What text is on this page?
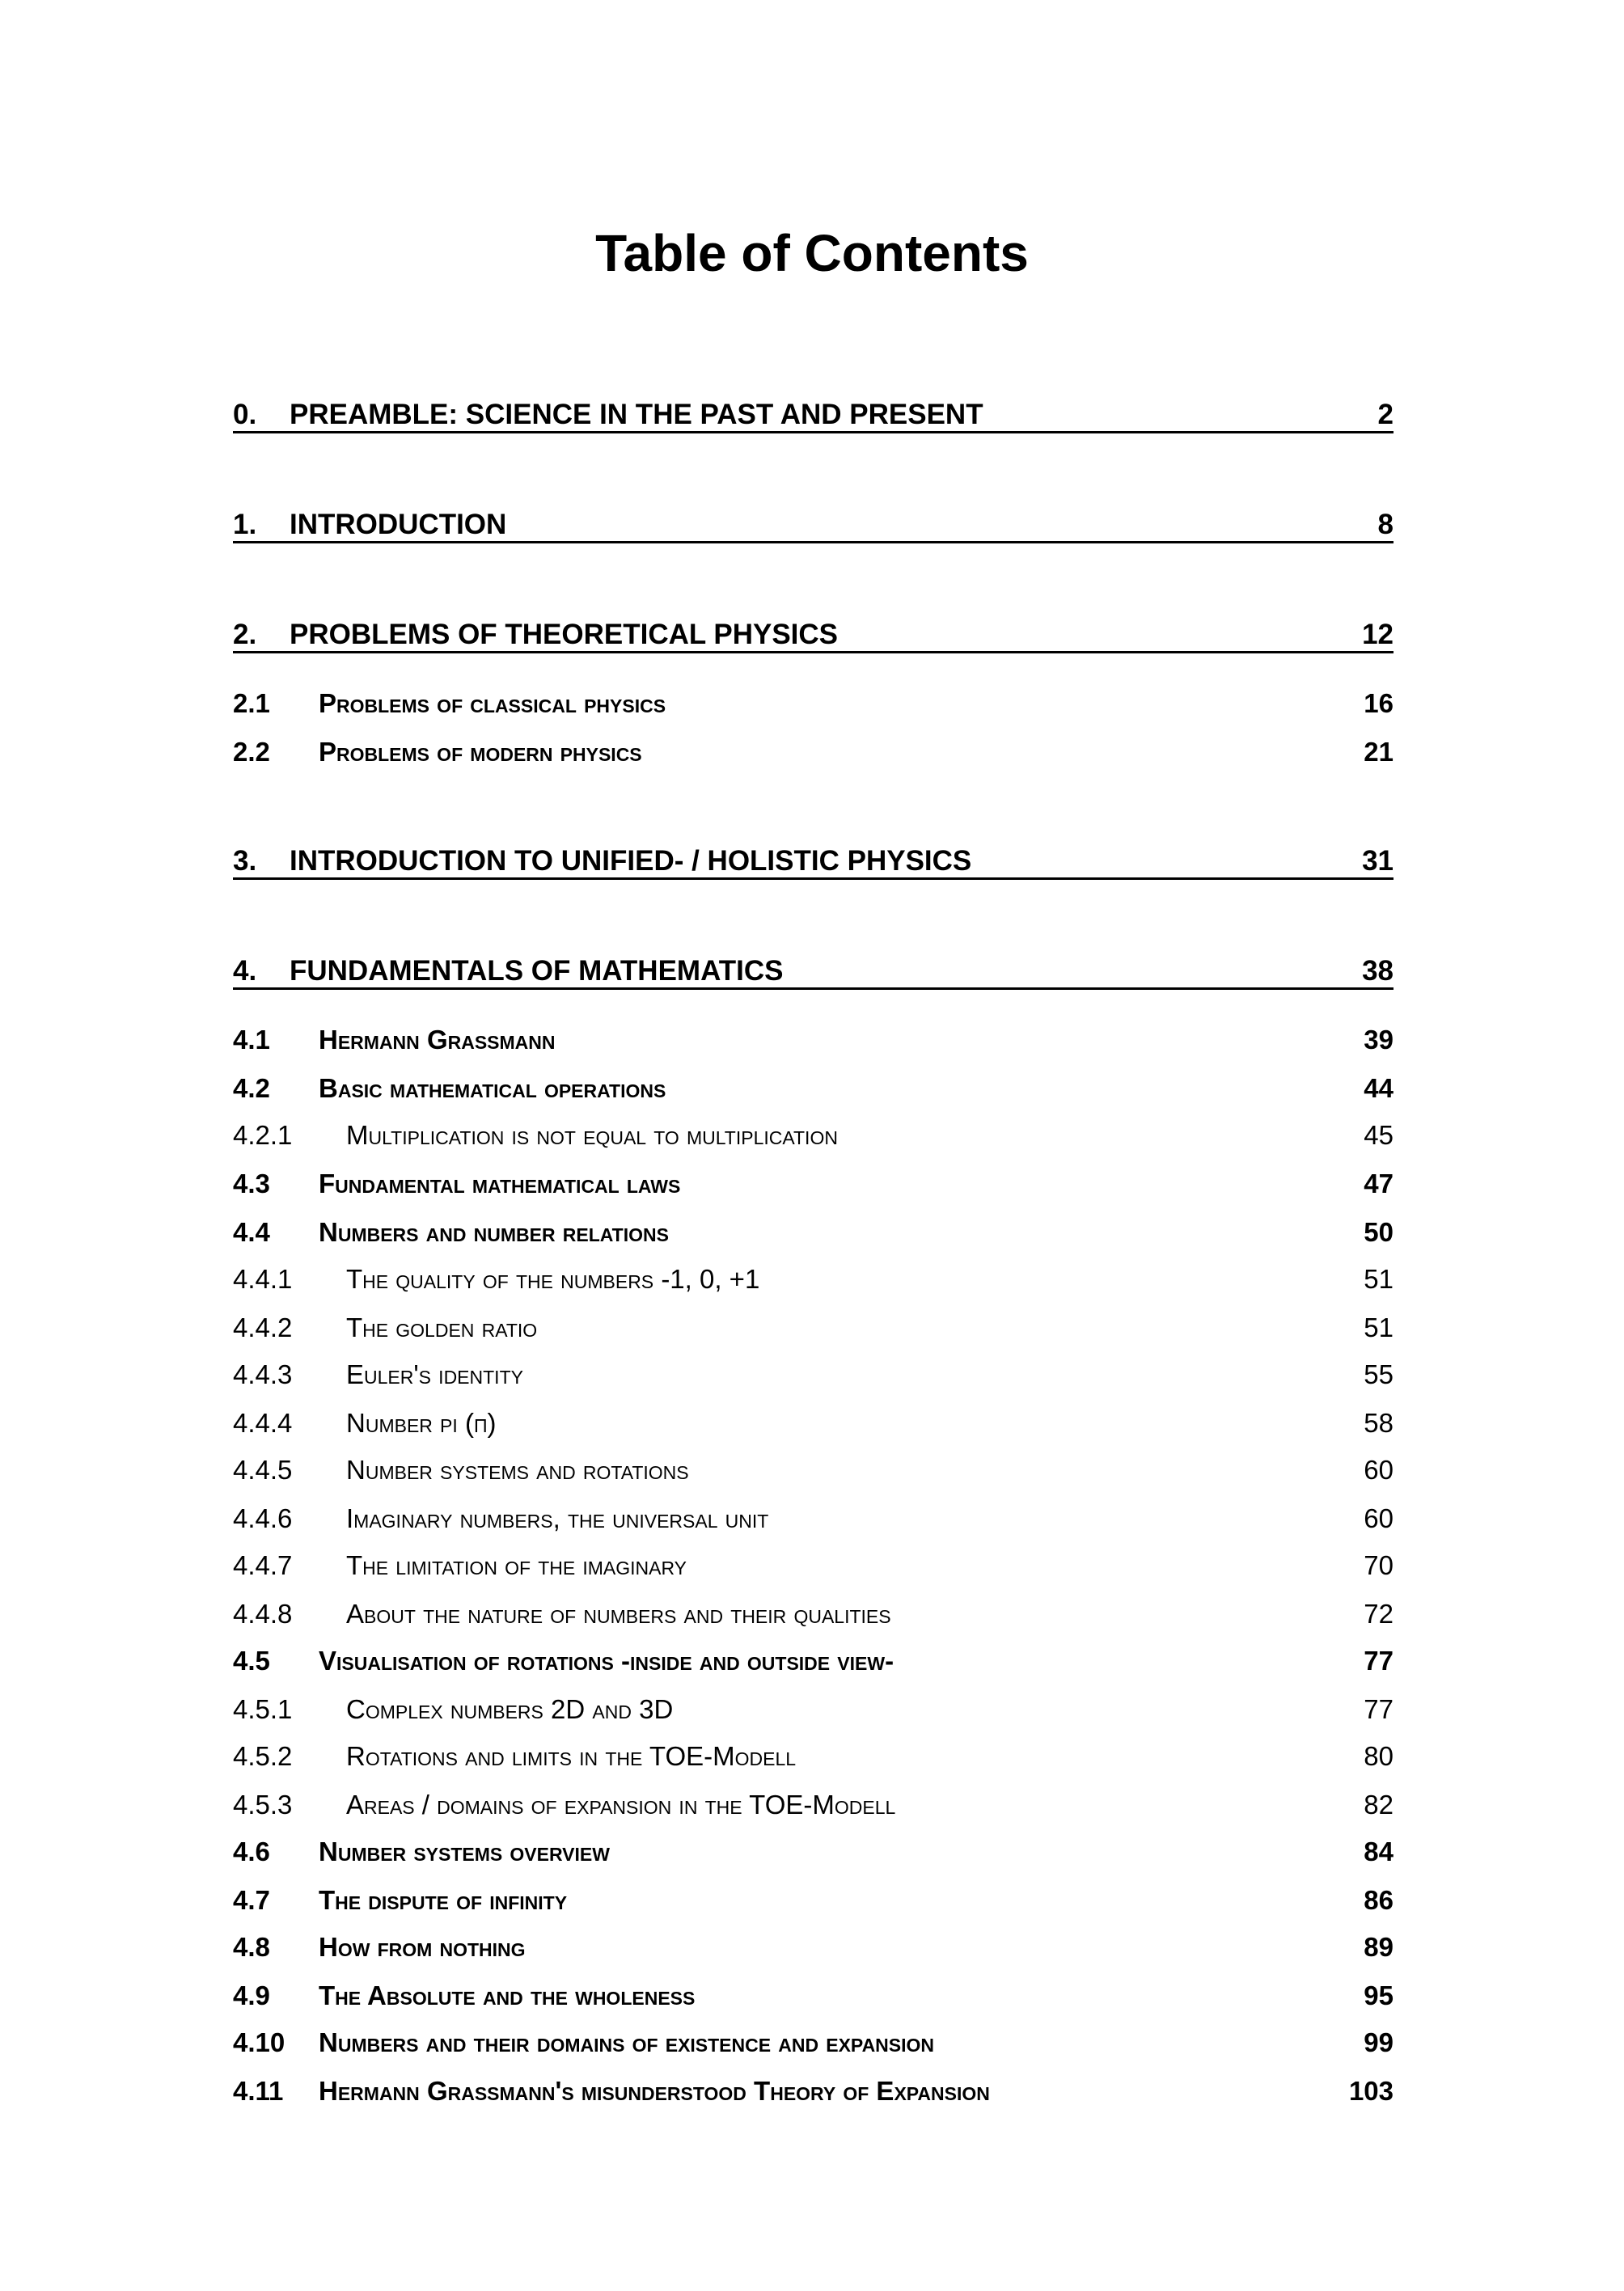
Table of Contents
0.	PREAMBLE: SCIENCE IN THE PAST AND PRESENT	2
1.	INTRODUCTION	8
2.	PROBLEMS OF THEORETICAL PHYSICS	12
2.1	Problems of classical physics	16
2.2	Problems of modern physics	21
3.	INTRODUCTION TO UNIFIED- / HOLISTIC PHYSICS	31
4.	FUNDAMENTALS OF MATHEMATICS	38
4.1	Hermann Grassmann	39
4.2	Basic mathematical operations	44
4.2.1	Multiplication is not equal to multiplication	45
4.3	Fundamental mathematical laws	47
4.4	Numbers and number relations	50
4.4.1	The quality of the numbers -1, 0, +1	51
4.4.2	The golden ratio	51
4.4.3	Euler's identity	55
4.4.4	Number pi (π)	58
4.4.5	Number systems and rotations	60
4.4.6	Imaginary numbers, the universal unit	60
4.4.7	The limitation of the imaginary	70
4.4.8	About the nature of numbers and their qualities	72
4.5	Visualisation of rotations -inside and outside view-	77
4.5.1	Complex numbers 2D and 3D	77
4.5.2	Rotations and limits in the TOE-Modell	80
4.5.3	Areas / domains of expansion in the TOE-Modell	82
4.6	Number systems overview	84
4.7	The dispute of infinity	86
4.8	How from nothing	89
4.9	The Absolute and the wholeness	95
4.10	Numbers and their domains of existence and expansion	99
4.11	Hermann Grassmann's misunderstood Theory of Expansion	103
